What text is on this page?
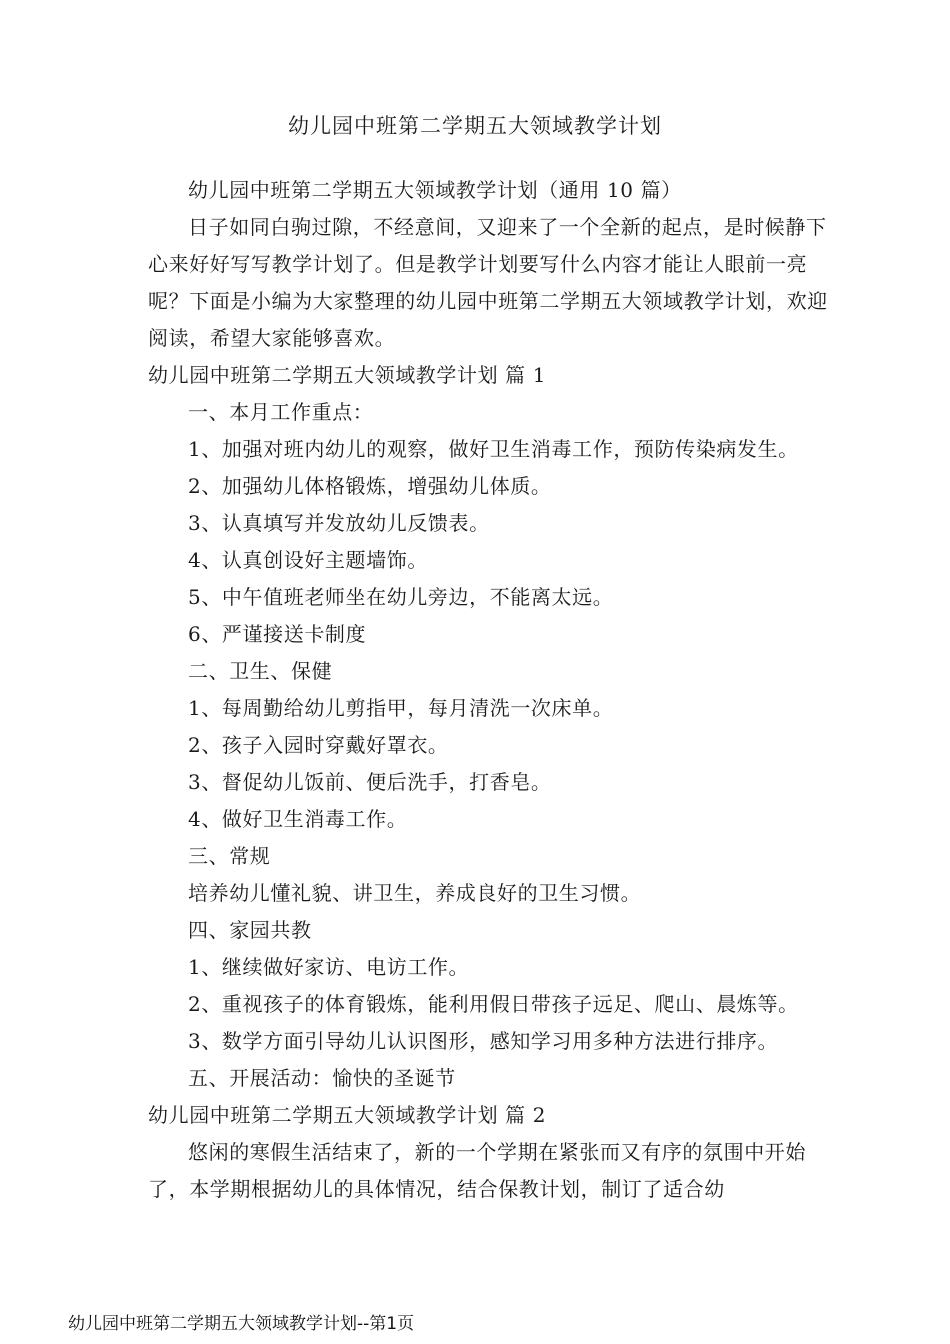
幼儿园中班第二学期五大领域教学计划

幼儿园中班第二学期五大领域教学计划（通用 10 篇）

日子如同白驹过隙，不经意间，又迎来了一个全新的起点，是时候静下心来好好写写教学计划了。但是教学计划要写什么内容才能让人眼前一亮呢？下面是小编为大家整理的幼儿园中班第二学期五大领域教学计划，欢迎阅读，希望大家能够喜欢。

幼儿园中班第二学期五大领域教学计划 篇 1

一、本月工作重点：

1、加强对班内幼儿的观察，做好卫生消毒工作，预防传染病发生。

2、加强幼儿体格锻炼，增强幼儿体质。

3、认真填写并发放幼儿反馈表。

4、认真创设好主题墙饰。

5、中午值班老师坐在幼儿旁边，不能离太远。

6、严谨接送卡制度

二、卫生、保健

1、每周勤给幼儿剪指甲，每月清洗一次床单。

2、孩子入园时穿戴好罩衣。

3、督促幼儿饭前、便后洗手，打香皂。

4、做好卫生消毒工作。

三、常规

培养幼儿懂礼貌、讲卫生，养成良好的卫生习惯。

四、家园共教

1、继续做好家访、电访工作。

2、重视孩子的体育锻炼，能利用假日带孩子远足、爬山、晨炼等。

3、数学方面引导幼儿认识图形，感知学习用多种方法进行排序。

五、开展活动：愉快的圣诞节

幼儿园中班第二学期五大领域教学计划 篇 2

悠闲的寒假生活结束了，新的一个学期在紧张而又有序的氛围中开始了，本学期根据幼儿的具体情况，结合保教计划，制订了适合幼

幼儿园中班第二学期五大领域教学计划--第1页
